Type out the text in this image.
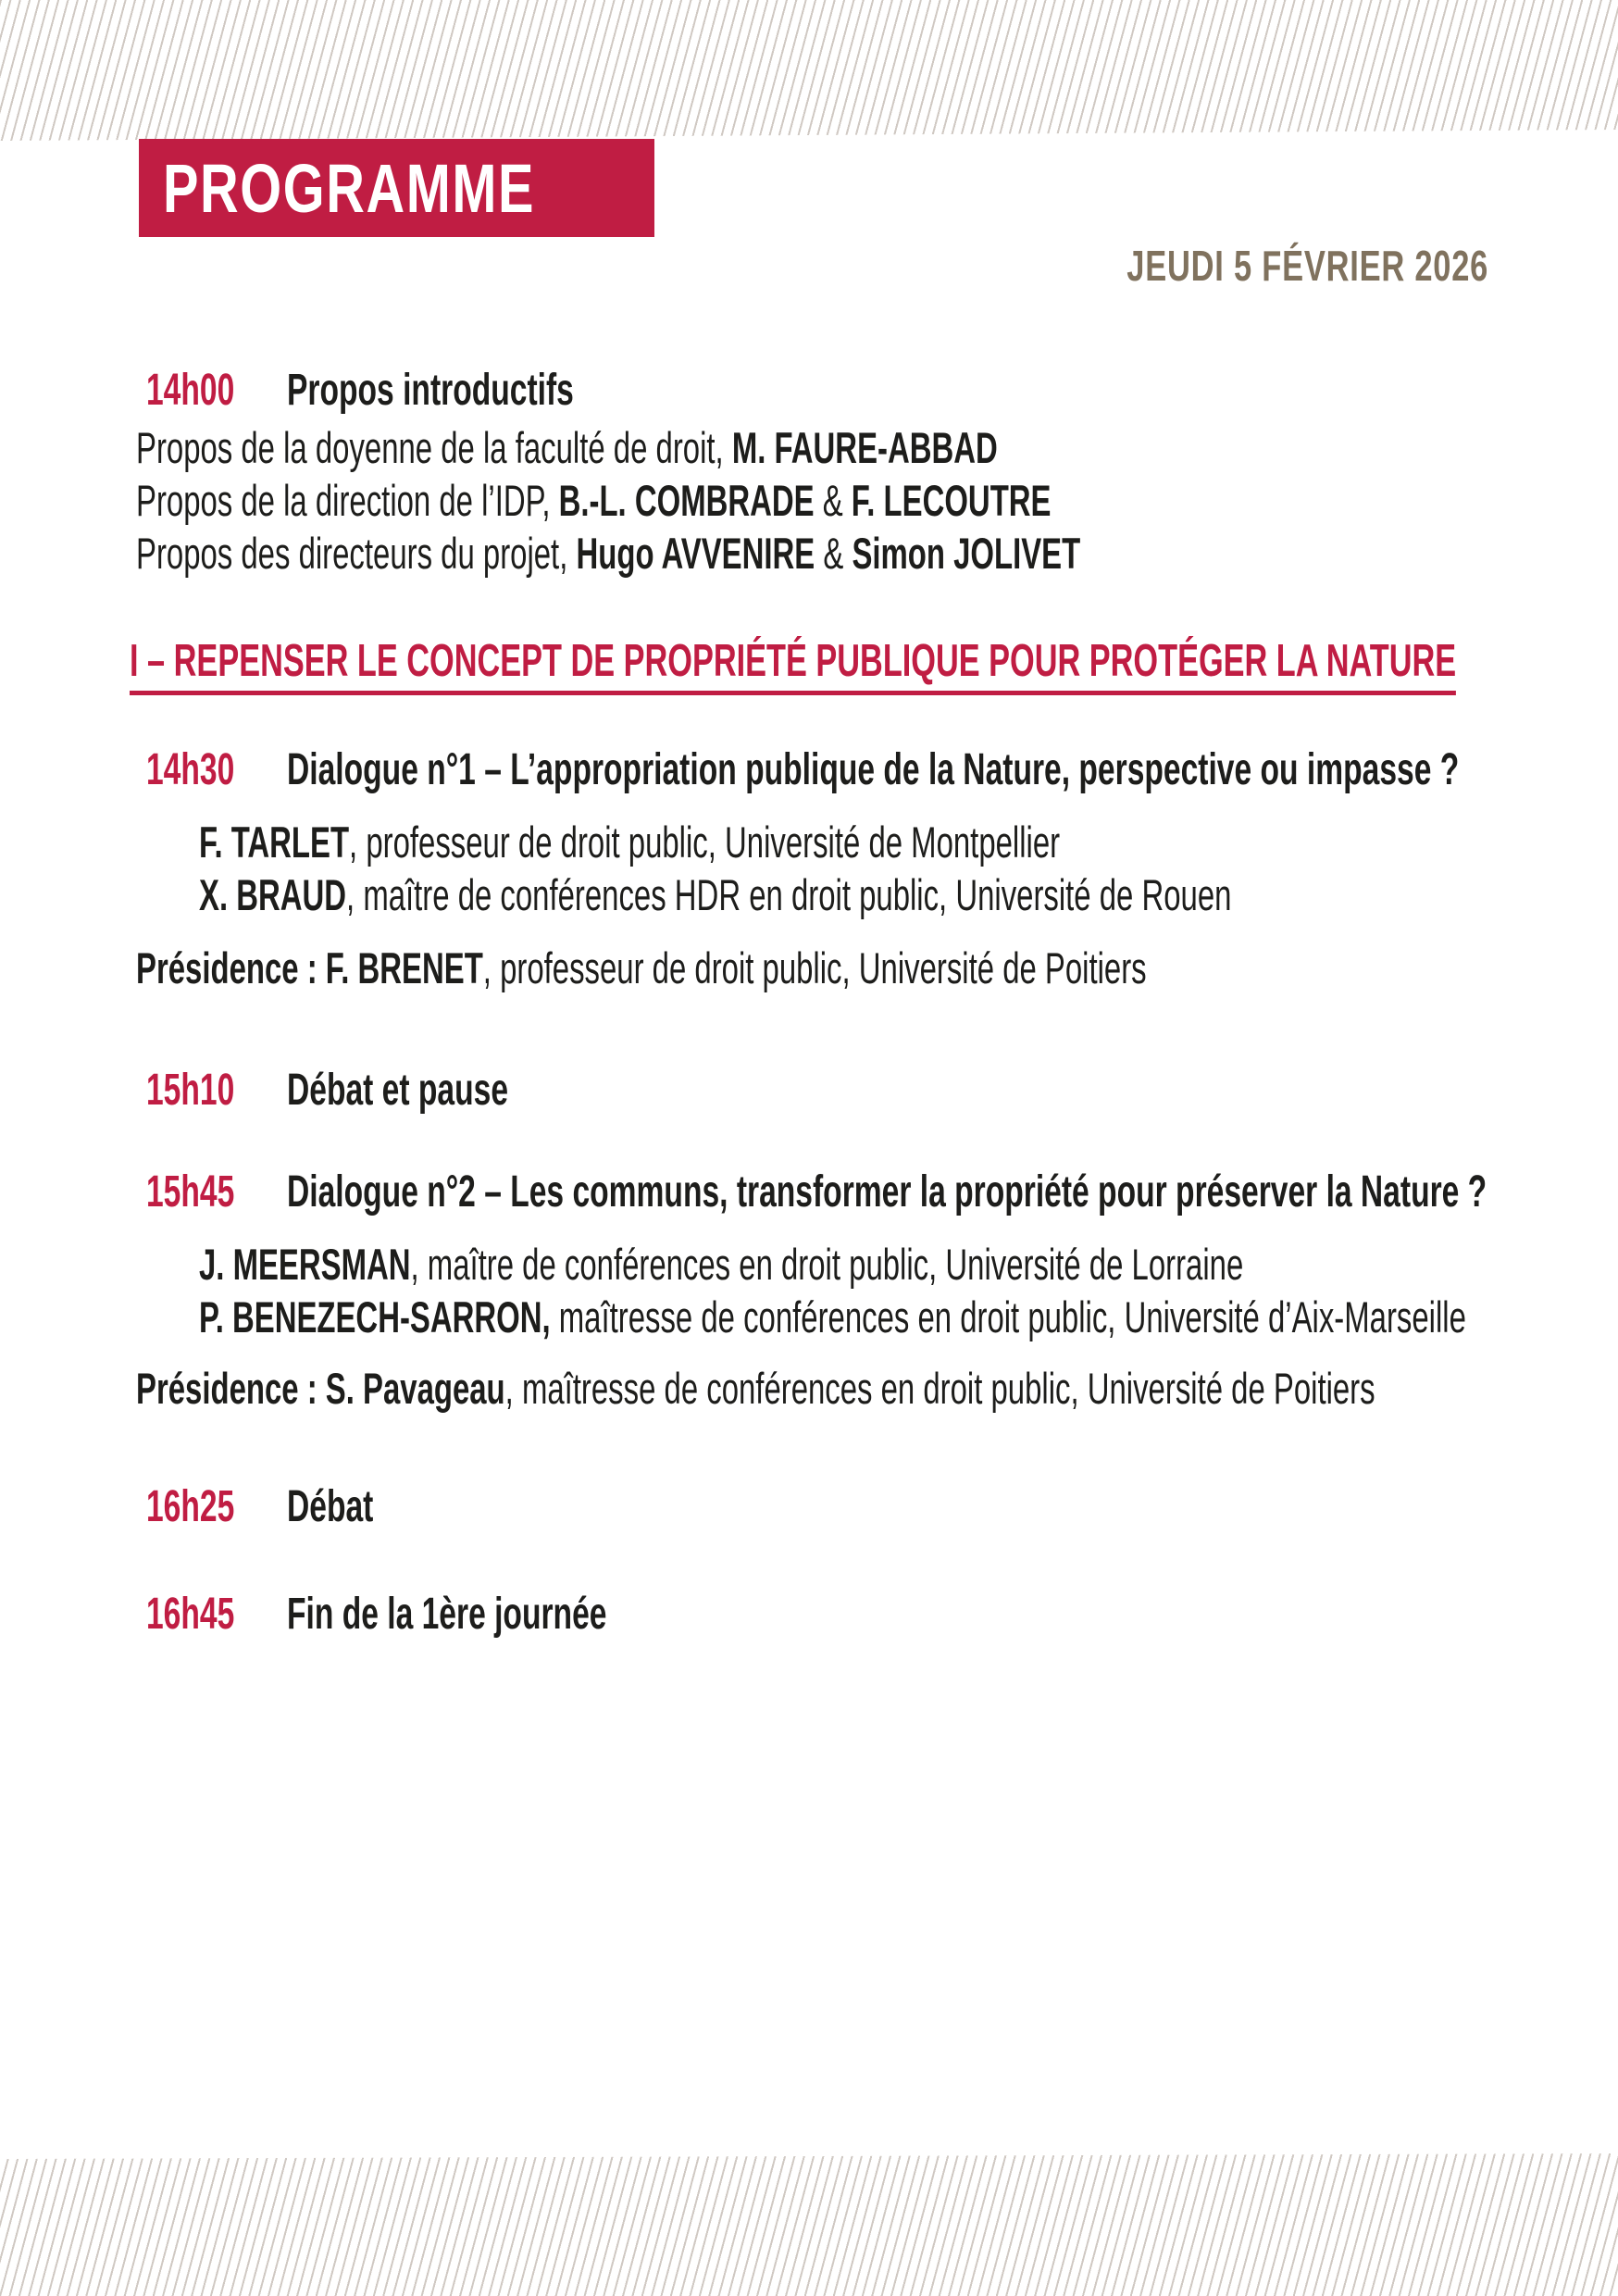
PROGRAMME
JEUDI 5 FÉVRIER 2026
14h00	Propos introductifs
Propos de la doyenne de la faculté de droit, M. FAURE-ABBAD
Propos de la direction de l’IDP, B.-L. COMBRADE & F. LECOUTRE
Propos des directeurs du projet, Hugo AVVENIRE & Simon JOLIVET
I – REPENSER LE CONCEPT DE PROPRIÉTÉ PUBLIQUE POUR PROTÉGER LA NATURE
14h30	Dialogue n°1 – L’appropriation publique de la Nature, perspective ou impasse ?
F. TARLET, professeur de droit public, Université de Montpellier
X. BRAUD, maître de conférences HDR en droit public, Université de Rouen
Présidence : F. BRENET, professeur de droit public, Université de Poitiers
15h10	Débat et pause
15h45	Dialogue n°2 – Les communs, transformer la propriété pour préserver la Nature ?
J. MEERSMAN, maître de conférences en droit public, Université de Lorraine
P. BENEZECH-SARRON, maîtresse de conférences en droit public, Université d’Aix-Marseille
Présidence : S. Pavageau, maîtresse de conférences en droit public, Université de Poitiers
16h25	Débat
16h45	Fin de la 1ère journée
